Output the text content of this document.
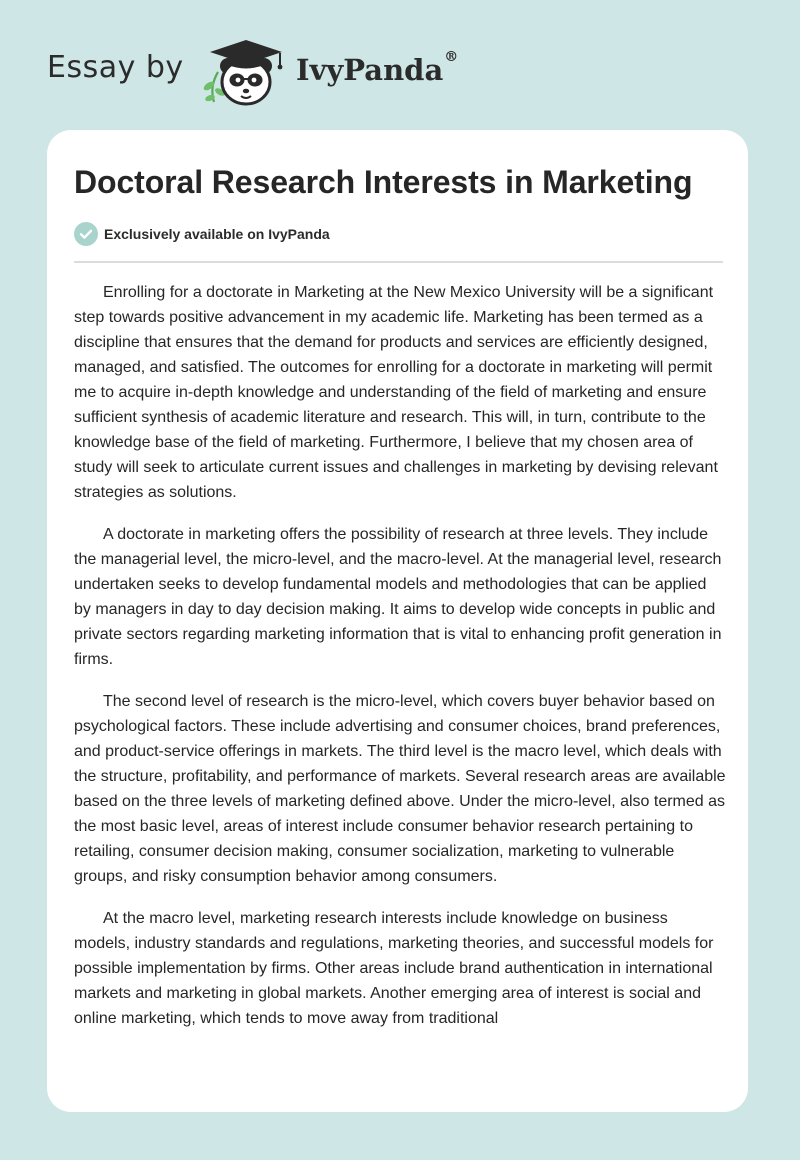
Essay by	IvyPanda®
Doctoral Research Interests in Marketing
Exclusively available on IvyPanda

Enrolling for a doctorate in Marketing at the New Mexico University will be a significant step towards positive advancement in my academic life. Marketing has been termed as a discipline that ensures that the demand for products and services are efficiently designed, managed, and satisfied. The outcomes for enrolling for a doctorate in marketing will permit me to acquire in-depth knowledge and understanding of the field of marketing and ensure sufficient synthesis of academic literature and research. This will, in turn, contribute to the knowledge base of the field of marketing. Furthermore, I believe that my chosen area of study will seek to articulate current issues and challenges in marketing by devising relevant strategies as solutions.

A doctorate in marketing offers the possibility of research at three levels. They include the managerial level, the micro-level, and the macro-level. At the managerial level, research undertaken seeks to develop fundamental models and methodologies that can be applied by managers in day to day decision making. It aims to develop wide concepts in public and private sectors regarding marketing information that is vital to enhancing profit generation in firms.

The second level of research is the micro-level, which covers buyer behavior based on psychological factors. These include advertising and consumer choices, brand preferences, and product-service offerings in markets. The third level is the macro level, which deals with the structure, profitability, and performance of markets. Several research areas are available based on the three levels of marketing defined above. Under the micro-level, also termed as the most basic level, areas of interest include consumer behavior research pertaining to retailing, consumer decision making, consumer socialization, marketing to vulnerable groups, and risky consumption behavior among consumers.

At the macro level, marketing research interests include knowledge on business models, industry standards and regulations, marketing theories, and successful models for possible implementation by firms. Other areas include brand authentication in international markets and marketing in global markets. Another emerging area of interest is social and online marketing, which tends to move away from traditional
